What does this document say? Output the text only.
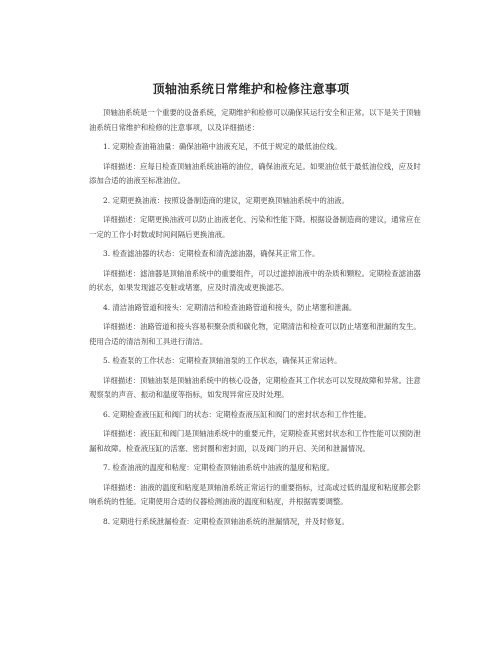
顶轴油系统日常维护和检修注意事项

顶轴油系统是一个重要的设备系统，定期维护和检修可以确保其运行安全和正常。以下是关于顶轴油系统日常维护和检修的注意事项，以及详细描述：

1. 定期检查油箱油量：确保油箱中油液充足，不低于规定的最低油位线。

详细描述：应每日检查顶轴油系统油箱的油位，确保油液充足。如果油位低于最低油位线，应及时添加合适的油液至标准油位。

2. 定期更换油液：按照设备制造商的建议，定期更换顶轴油系统中的油液。

详细描述：定期更换油液可以防止油液老化、污染和性能下降。根据设备制造商的建议，通常应在一定的工作小时数或时间间隔后更换油液。

3. 检查滤油器的状态：定期检查和清洗滤油器，确保其正常工作。

详细描述：滤油器是顶轴油系统中的重要组件，可以过滤掉油液中的杂质和颗粒。定期检查滤油器的状态，如果发现滤芯变脏或堵塞，应及时清洗或更换滤芯。

4. 清洁油路管道和接头：定期清洁和检查油路管道和接头，防止堵塞和泄漏。

详细描述：油路管道和接头容易积聚杂质和碳化物，定期清洁和检查可以防止堵塞和泄漏的发生。使用合适的清洁剂和工具进行清洁。

5. 检查泵的工作状态：定期检查顶轴油泵的工作状态，确保其正常运转。

详细描述：顶轴油泵是顶轴油系统中的核心设备，定期检查其工作状态可以发现故障和异常。注意观察泵的声音、振动和温度等指标，如发现异常应及时处理。

6. 定期检查液压缸和阀门的状态：定期检查液压缸和阀门的密封状态和工作性能。

详细描述：液压缸和阀门是顶轴油系统中的重要元件，定期检查其密封状态和工作性能可以预防泄漏和故障。检查液压缸的活塞、密封圈和密封面，以及阀门的开启、关闭和泄漏情况。

7. 检查油液的温度和粘度：定期检查顶轴油系统中油液的温度和粘度。

详细描述：油液的温度和粘度是顶轴油系统正常运行的重要指标，过高或过低的温度和粘度都会影响系统的性能。定期使用合适的仪器检测油液的温度和粘度，并根据需要调整。

8. 定期进行系统泄漏检查：定期检查顶轴油系统的泄漏情况，并及时修复。
